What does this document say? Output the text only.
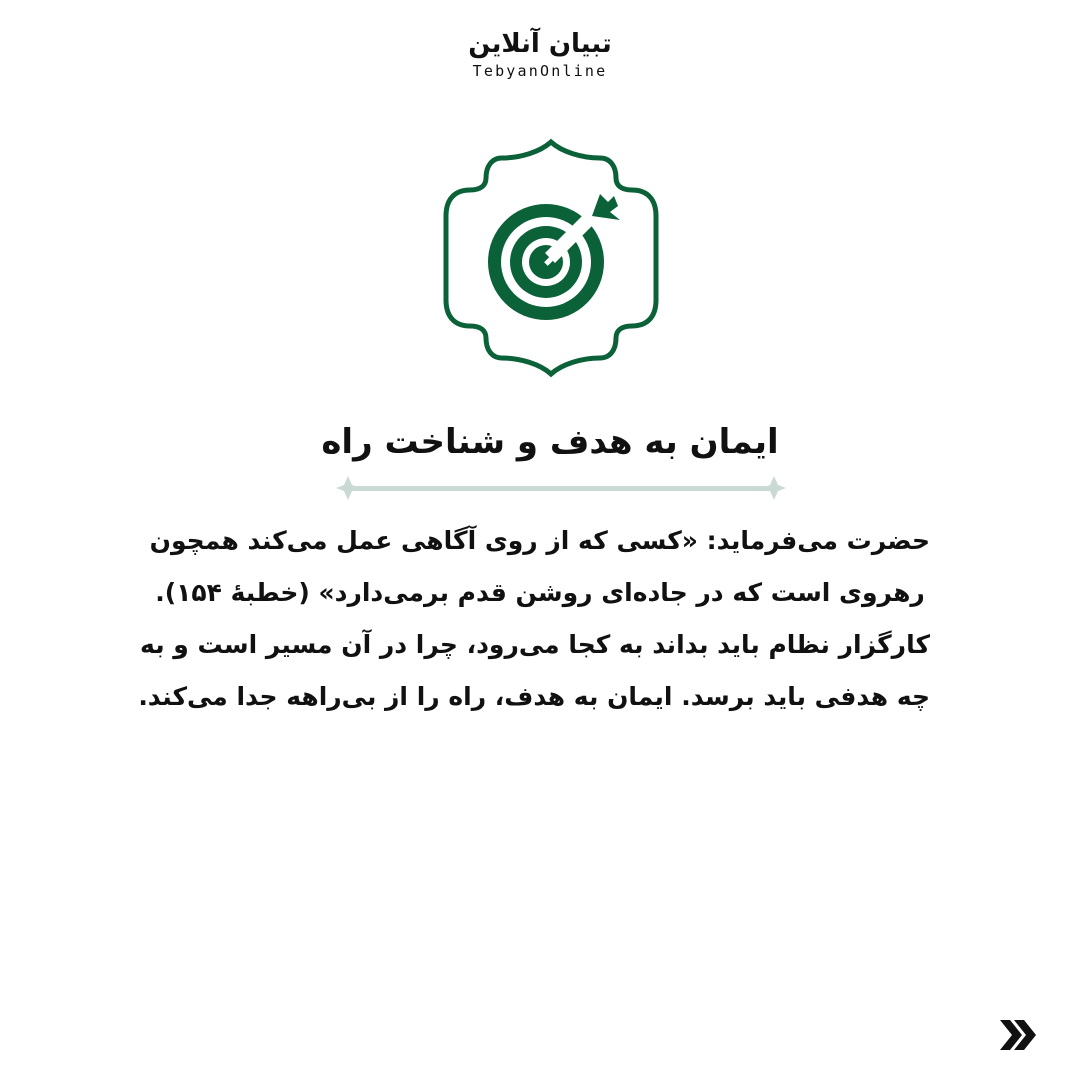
تبیان آنلاین
TebyanOnline
ایمان به هدف و شناخت راه
حضرت می‌فرماید: «کسی که از روی آگاهی عمل می‌کند همچون
رهروی است که در جاده‌ای روشن قدم برمی‌دارد» (خطبهٔ ۱۵۴).
کارگزار نظام باید بداند به کجا می‌رود، چرا در آن مسیر است و به
چه هدفی باید برسد. ایمان به هدف، راه را از بی‌راهه جدا می‌کند.
